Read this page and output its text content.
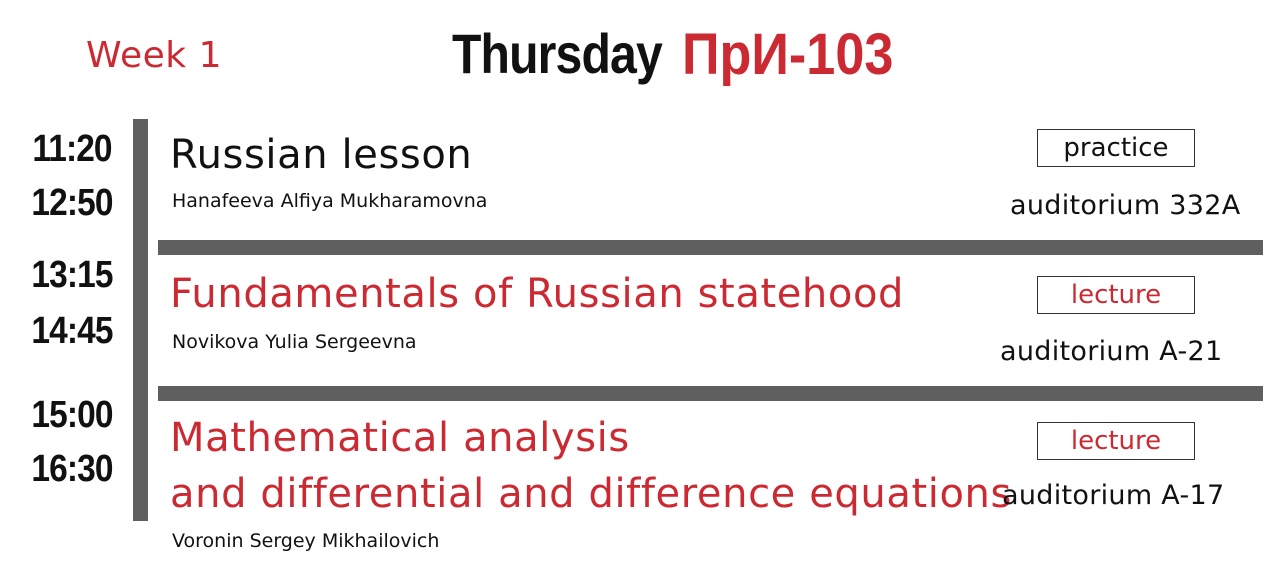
Week 1	Thursday ПрИ-103
11:20
12:50
Russian lesson
Hanafeeva Alfiya Mukharamovna
practice
auditorium 332A
13:15
14:45
Fundamentals of Russian statehood
Novikova Yulia Sergeevna
lecture
auditorium A-21
15:00
16:30
Mathematical analysis
and differential and difference equations
Voronin Sergey Mikhailovich
lecture
auditorium A-17
